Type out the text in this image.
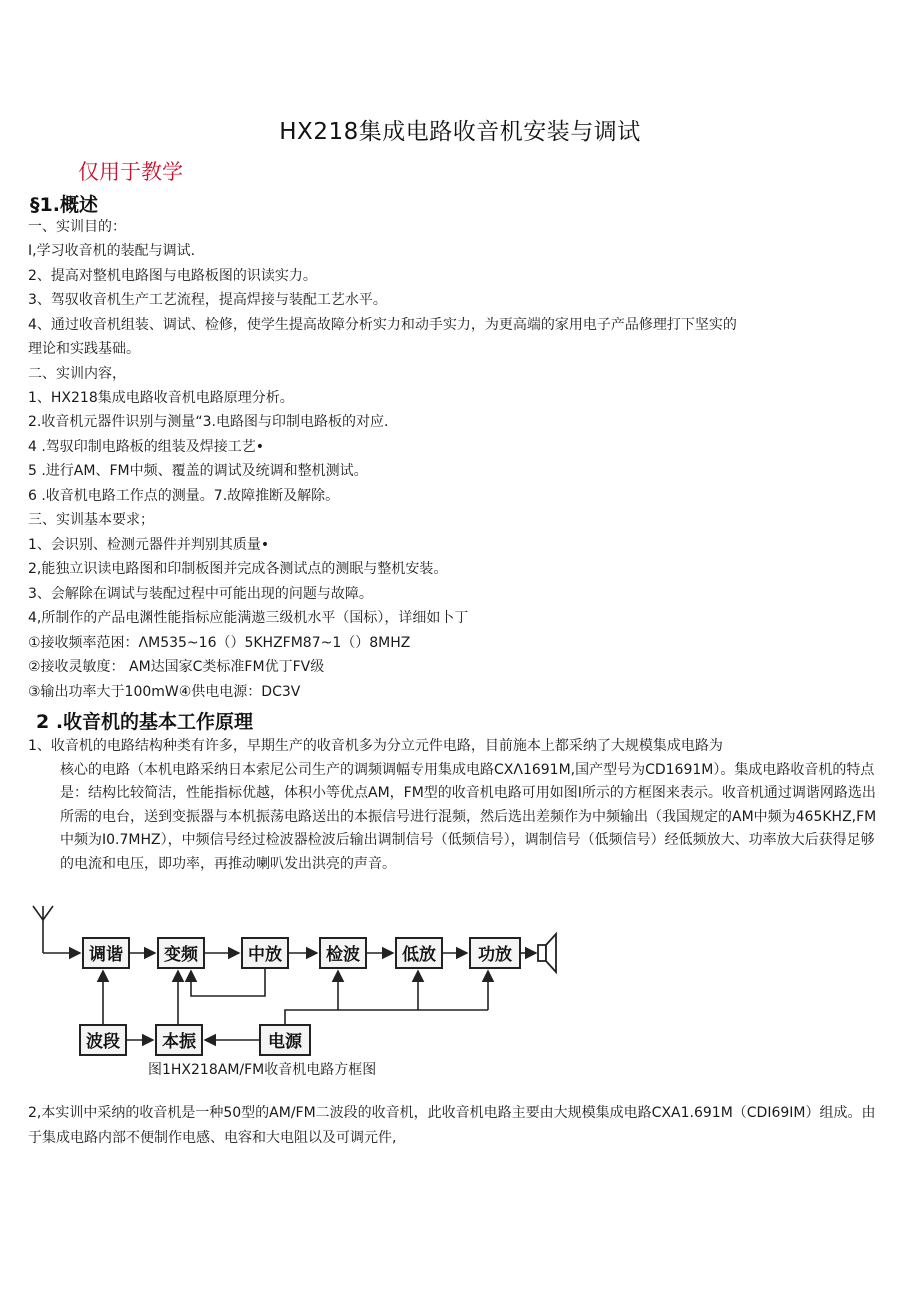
HX218集成电路收音机安装与调试
仅用于教学
§1.概述
一、实训目的：
I,学习收音机的装配与调试.
2、提高对整机电路图与电路板图的识读实力。
3、驾驭收音机生产工艺流程，提高焊接与装配工艺水平。
4、通过收音机组装、调试、检修，使学生提高故障分析实力和动手实力，为更高端的家用电子产品修理打下坚实的
理论和实践基础。
二、实训内容，
1、HX218集成电路收音机电路原理分析。
2.收音机元器件识别与测量“3.电路图与印制电路板的对应.
4 .驾驭印制电路板的组装及焊接工艺•
5 .进行AM、FM中频、覆盖的调试及统调和整机测试。
6 .收音机电路工作点的测量。7.故障推断及解除。
三、实训基本要求；
1、会识别、检测元器件并判别其质量•
2,能独立识读电路图和印制板图并完成各测试点的测眠与整机安装。
3、会解除在调试与装配过程中可能出现的问题与故障。
4,所制作的产品电渊性能指标应能满遨三级机水平（国标），详细如卜丁
①接收频率范困：ΛM535~16（）5KHZFM87~1（）8MHZ
②接收灵敏度： AM达国家C类标准FM优丁FV级
③输出功率大于100mW④供电电源：DC3V
2 .收音机的基本工作原理
1、收音机的电路结构种类有许多，早期生产的收音机多为分立元件电路，目前施本上都采纳了大规模集成电路为
核心的电路（本机电路采纳日本索尼公司生产的调频调幅专用集成电路CXΛ1691M,国产型号为CD1691M）。集成电路收音机的特点是：结构比较简洁，性能指标优越，体积小等优点AM，FM型的收音机电路可用如图I所示的方框图来表示。收音机通过调谐网路选出所需的电台，送到变振器与本机振荡电路送出的本振信号进行混频，然后选出差频作为中频输出（我国规定的AM中频为465KHZ,FM中频为I0.7MHZ），中频信号经过检波器检波后输出调制信号（低频信号），调制信号（低频信号）经低频放大、功率放大后获得足够的电流和电压，即功率，再推动喇叭发出洪亮的声音。
调谐 变频	中放	检波 低放 功放
波段 本振	电源
图1HX218AM/FM收音机电路方框图
2,本实训中采纳的收音机是一种50型的AM/FM二波段的收音机，此收音机电路主要由大规模集成电路CXA1.691M（CDI69IM）组成。由于集成电路内部不便制作电感、电容和大电阻以及可调元件,
